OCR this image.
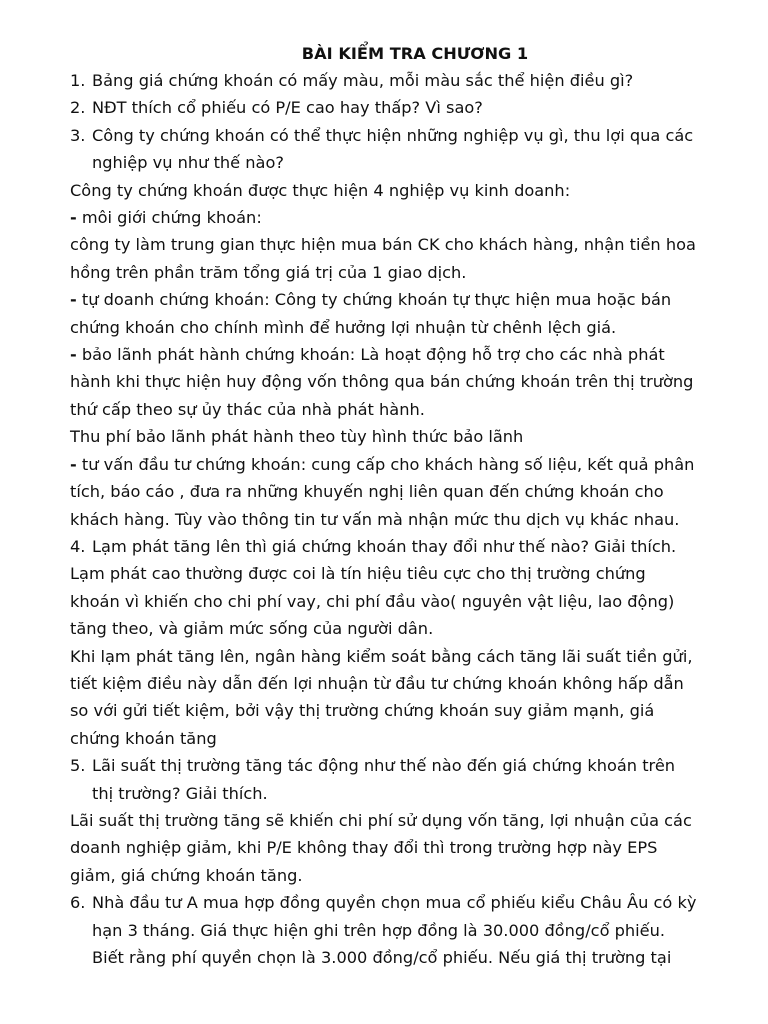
BÀI KIỂM TRA CHƯƠNG 1
1. Bảng giá chứng khoán có mấy màu, mỗi màu sắc thể hiện điều gì?
2. NĐT thích cổ phiếu có P/E cao hay thấp? Vì sao?
3. Công ty chứng khoán có thể thực hiện những nghiệp vụ gì, thu lợi qua các
nghiệp vụ như thế nào?
Công ty chứng khoán được thực hiện 4 nghiệp vụ kinh doanh:
- môi giới chứng khoán:
công ty làm trung gian thực hiện mua bán CK cho khách hàng, nhận tiền hoa
hồng trên phần trăm tổng giá trị của 1 giao dịch.
- tự doanh chứng khoán: Công ty chứng khoán tự thực hiện mua hoặc bán
chứng khoán cho chính mình để hưởng lợi nhuận từ chênh lệch giá.
- bảo lãnh phát hành chứng khoán: Là hoạt động hỗ trợ cho các nhà phát
hành khi thực hiện huy động vốn thông qua bán chứng khoán trên thị trường
thứ cấp theo sự ủy thác của nhà phát hành.
Thu phí bảo lãnh phát hành theo tùy hình thức bảo lãnh
- tư vấn đầu tư chứng khoán: cung cấp cho khách hàng số liệu, kết quả phân
tích, báo cáo , đưa ra những khuyến nghị liên quan đến chứng khoán cho
khách hàng. Tùy vào thông tin tư vấn mà nhận mức thu dịch vụ khác nhau.
4. Lạm phát tăng lên thì giá chứng khoán thay đổi như thế nào? Giải thích.
Lạm phát cao thường được coi là tín hiệu tiêu cực cho thị trường chứng
khoán vì khiến cho chi phí vay, chi phí đầu vào( nguyên vật liệu, lao động)
tăng theo, và giảm mức sống của người dân.
Khi lạm phát tăng lên, ngân hàng kiểm soát bằng cách tăng lãi suất tiền gửi,
tiết kiệm điều này dẫn đến lợi nhuận từ đầu tư chứng khoán không hấp dẫn
so với gửi tiết kiệm, bởi vậy thị trường chứng khoán suy giảm mạnh, giá
chứng khoán tăng
5. Lãi suất thị trường tăng tác động như thế nào đến giá chứng khoán trên
thị trường? Giải thích.
Lãi suất thị trường tăng sẽ khiến chi phí sử dụng vốn tăng, lợi nhuận của các
doanh nghiệp giảm, khi P/E không thay đổi thì trong trường hợp này EPS
giảm, giá chứng khoán tăng.
6. Nhà đầu tư A mua hợp đồng quyền chọn mua cổ phiếu kiểu Châu Âu có kỳ
hạn 3 tháng. Giá thực hiện ghi trên hợp đồng là 30.000 đồng/cổ phiếu.
Biết rằng phí quyền chọn là 3.000 đồng/cổ phiếu. Nếu giá thị trường tại
